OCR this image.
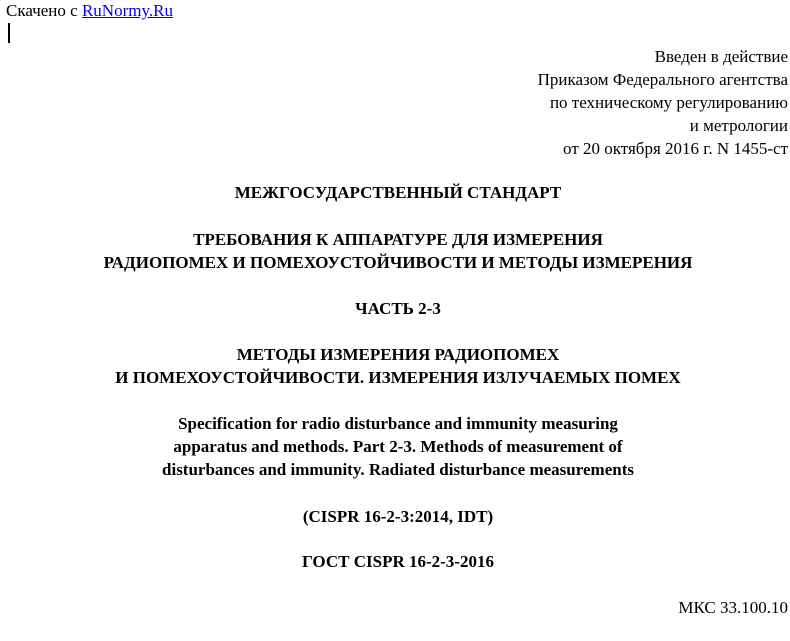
Скачено с RuNormy.Ru
Введен в действие
Приказом Федерального агентства
по техническому регулированию
и метрологии
от 20 октября 2016 г. N 1455-ст
МЕЖГОСУДАРСТВЕННЫЙ СТАНДАРТ
ТРЕБОВАНИЯ К АППАРАТУРЕ ДЛЯ ИЗМЕРЕНИЯ
РАДИОПОМЕХ И ПОМЕХОУСТОЙЧИВОСТИ И МЕТОДЫ ИЗМЕРЕНИЯ
ЧАСТЬ 2-3
МЕТОДЫ ИЗМЕРЕНИЯ РАДИОПОМЕХ
И ПОМЕХОУСТОЙЧИВОСТИ. ИЗМЕРЕНИЯ ИЗЛУЧАЕМЫХ ПОМЕХ
Specification for radio disturbance and immunity measuring
apparatus and methods. Part 2-3. Methods of measurement of
disturbances and immunity. Radiated disturbance measurements
(CISPR 16-2-3:2014, IDT)
ГОСТ CISPR 16-2-3-2016
МКС 33.100.10
